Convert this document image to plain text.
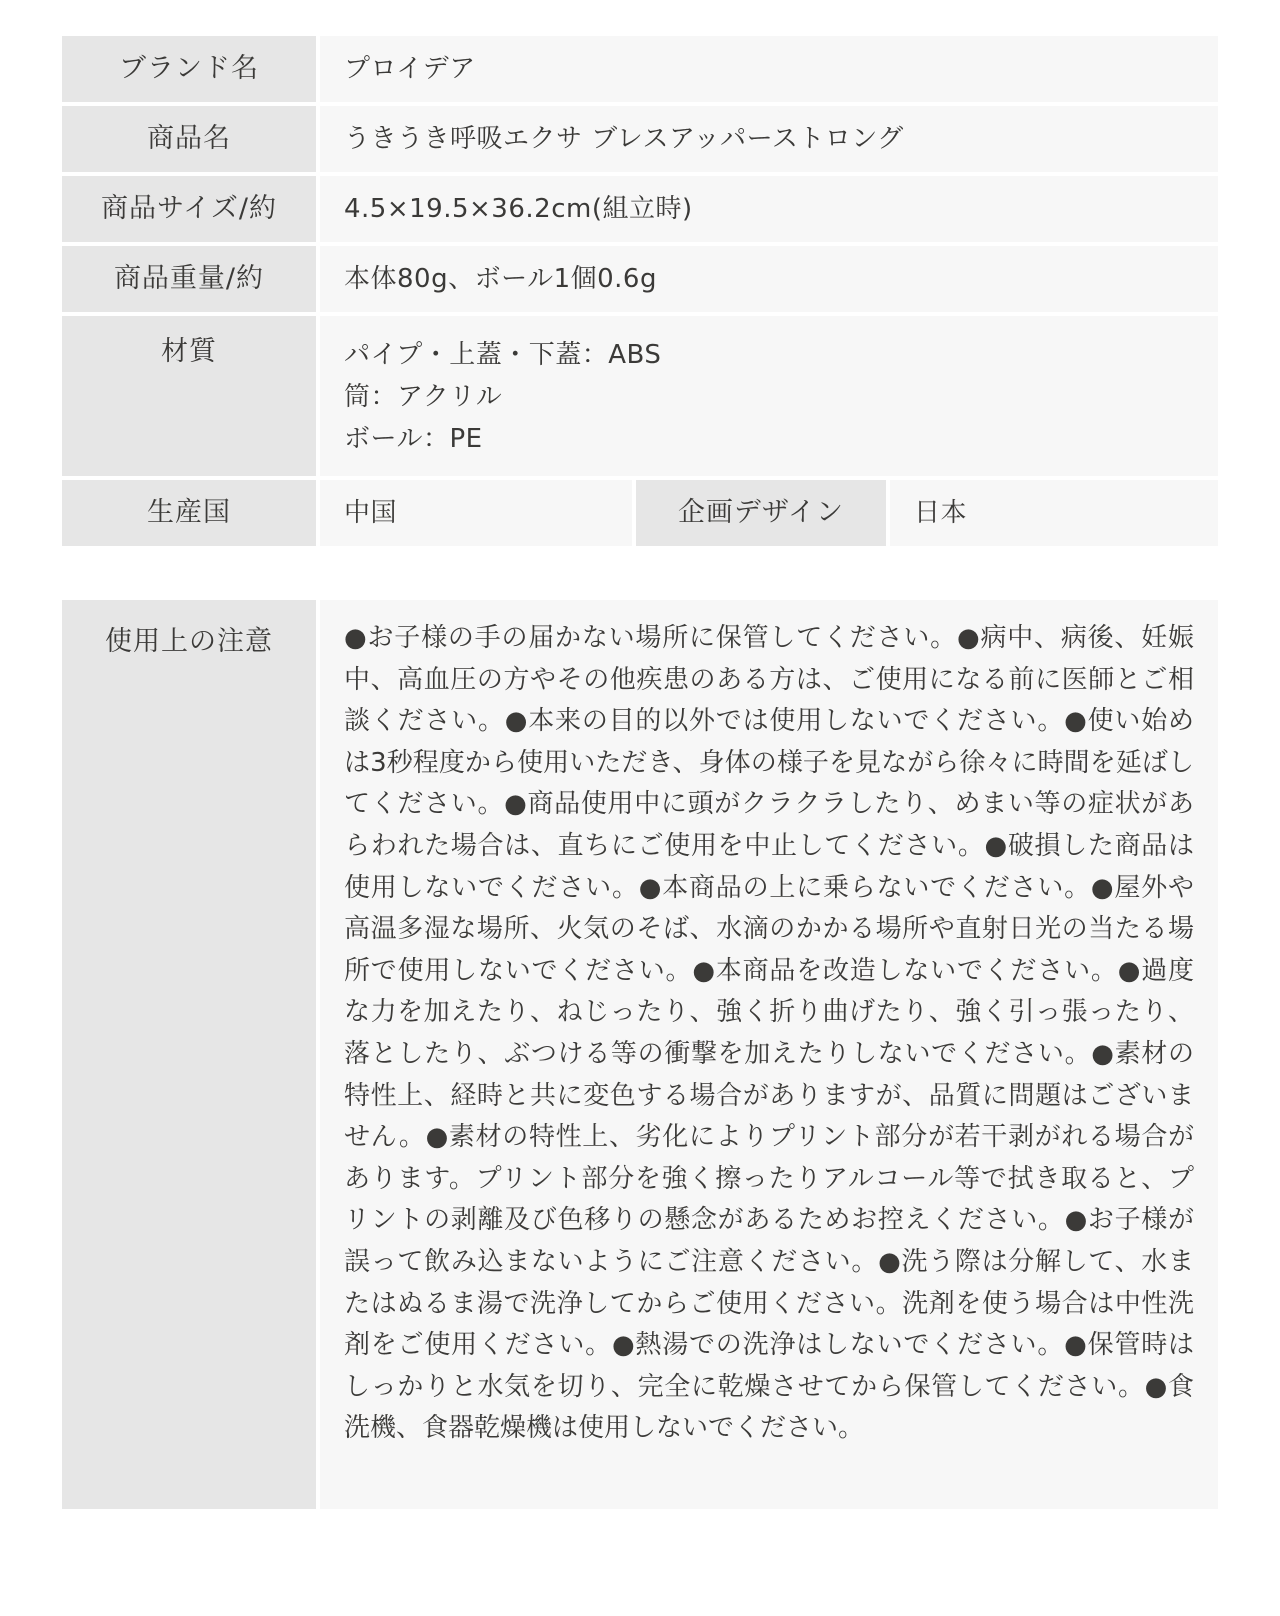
ブランド名	プロイデア
商品名	うきうき呼吸エクサ ブレスアッパーストロング
商品サイズ/約	4.5×19.5×36.2cm(組立時)
商品重量/約	本体80g、ボール1個0.6g
材質	パイプ・上蓋・下蓋：ABS
筒：アクリル
ボール：PE
生産国	中国	企画デザイン	日本
使用上の注意	●お子様の手の届かない場所に保管してください。●病中、病後、妊娠中、高血圧の方やその他疾患のある方は、ご使用になる前に医師とご相談ください。●本来の目的以外では使用しないでください。●使い始めは3秒程度から使用いただき、身体の様子を見ながら徐々に時間を延ばしてください。●商品使用中に頭がクラクラしたり、めまい等の症状があらわれた場合は、直ちにご使用を中止してください。●破損した商品は使用しないでください。●本商品の上に乗らないでください。●屋外や高温多湿な場所、火気のそば、水滴のかかる場所や直射日光の当たる場所で使用しないでください。●本商品を改造しないでください。●過度な力を加えたり、ねじったり、強く折り曲げたり、強く引っ張ったり、落としたり、ぶつける等の衝撃を加えたりしないでください。●素材の特性上、経時と共に変色する場合がありますが、品質に問題はございません。●素材の特性上、劣化によりプリント部分が若干剥がれる場合があります。プリント部分を強く擦ったりアルコール等で拭き取ると、プリントの剥離及び色移りの懸念があるためお控えください。●お子様が誤って飲み込まないようにご注意ください。●洗う際は分解して、水またはぬるま湯で洗浄してからご使用ください。洗剤を使う場合は中性洗剤をご使用ください。●熱湯での洗浄はしないでください。●保管時はしっかりと水気を切り、完全に乾燥させてから保管してください。●食洗機、食器乾燥機は使用しないでください。
